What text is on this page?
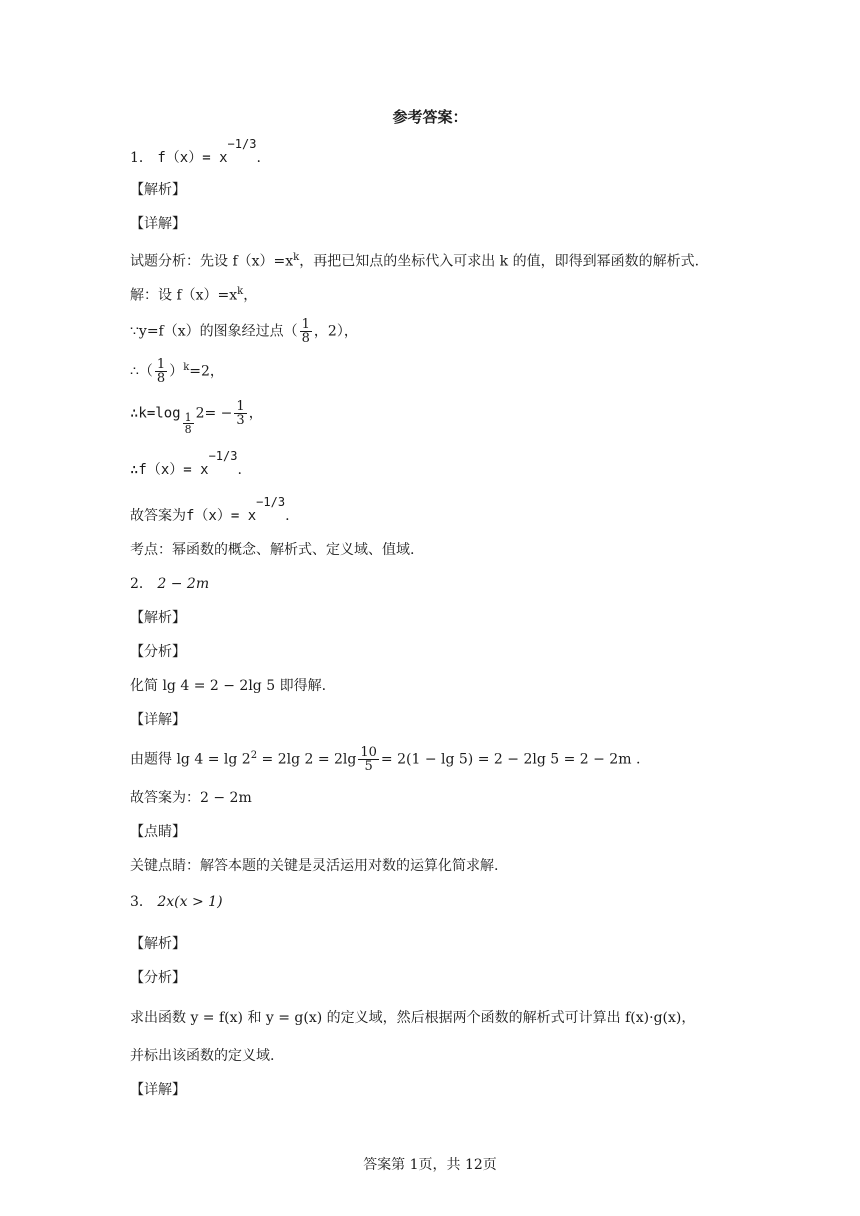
参考答案：
1． f（x）= x−1/3.
【解析】
【详解】
试题分析：先设 $f(x)=x^k$，再把已知点的坐标代入可求出 k 的值，即得到幂函数的解析式.
解：设 $f(x)=x^k$，
∵y=f（x）的图象经过点（ $\frac{1}{8}$ ，2），
∴（ $\frac{1}{8} )^k=2$，
∴k=log $\frac{1}{8} 2= - \frac{1}{3}$ ，
∴f（x）= x−1/3.
故答案为f（x）= x−1/3.
考点：幂函数的概念、解析式、定义域、值域.
2． 2 − 2m
【解析】
【分析】
化简 lg 4 = 2 − 2lg 5 即得解.
【详解】
由题得 $\lg 4 = \lg 2^2 = 2\lg$ $2 = 2\lg \frac{10}{5} = 2(1 - \lg 5) = 2 - 2\lg$ 5 = 2 − 2m .
故答案为：2 − 2m
【点睛】
关键点睛：解答本题的关键是灵活运用对数的运算化简求解.
3． 2x(x > 1)
【解析】
【分析】
求出函数 y = f(x) 和 y = g(x) 的定义域，然后根据两个函数的解析式可计算出 f(x)·g(x)，
并标出该函数的定义域.
【详解】
答案第 1页，共 12页
